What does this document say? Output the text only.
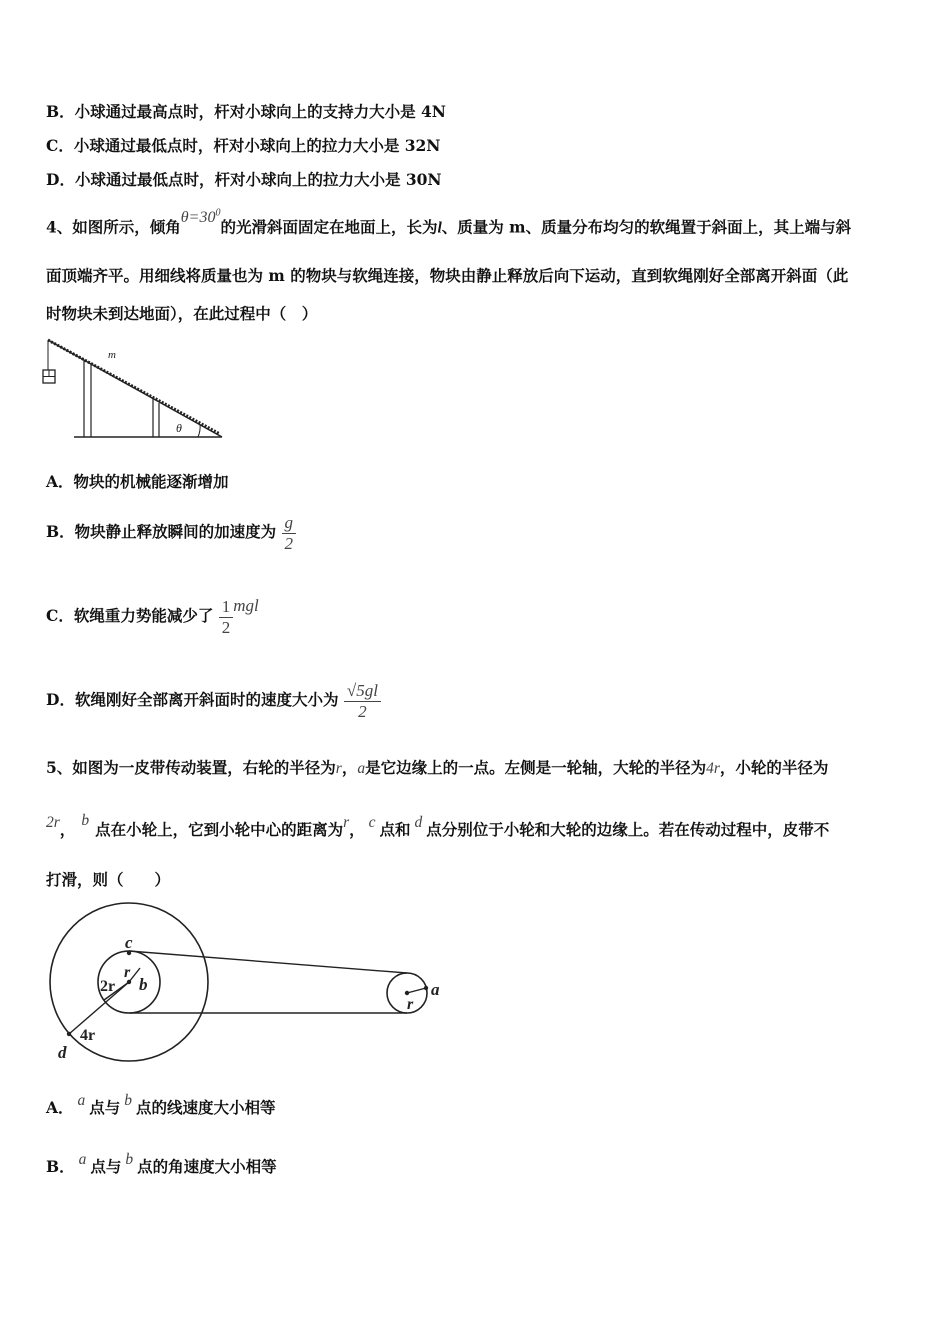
B．小球通过最高点时，杆对小球向上的支持力大小是 4N
C．小球通过最低点时，杆对小球向上的拉力大小是 32N
D．小球通过最低点时，杆对小球向上的拉力大小是 30N
4、如图所示，倾角$\theta=30^0$的光滑斜面固定在地面上，长为l、质量为 m、质量分布均匀的软绳置于斜面上，其上端与斜
面顶端齐平。用细线将质量也为 m 的物块与软绳连接，物块由静止释放后向下运动，直到软绳刚好全部离开斜面（此
时物块未到达地面），在此过程中（　）
m
θ
A．物块的机械能逐渐增加
B．物块静止释放瞬间的加速度为 $\frac{g}{2}$
C．软绳重力势能减少了 $\frac{1}{2}$ mgl
D．软绳刚好全部离开斜面时的速度大小为 $\frac{√5gl}{2}$
5、如图为一皮带传动装置，右轮的半径为r，a是它边缘上的一点。左侧是一轮轴，大轮的半径为4r，小轮的半径为
2r， b 点在小轮上，它到小轮中心的距离为r， c 点和 d 点分别位于小轮和大轮的边缘上。若在传动过程中，皮带不
打滑，则（　　）
c
r
b
2r
4r
d
a
r
A． a 点与 b 点的线速度大小相等
B． a 点与 b 点的角速度大小相等
